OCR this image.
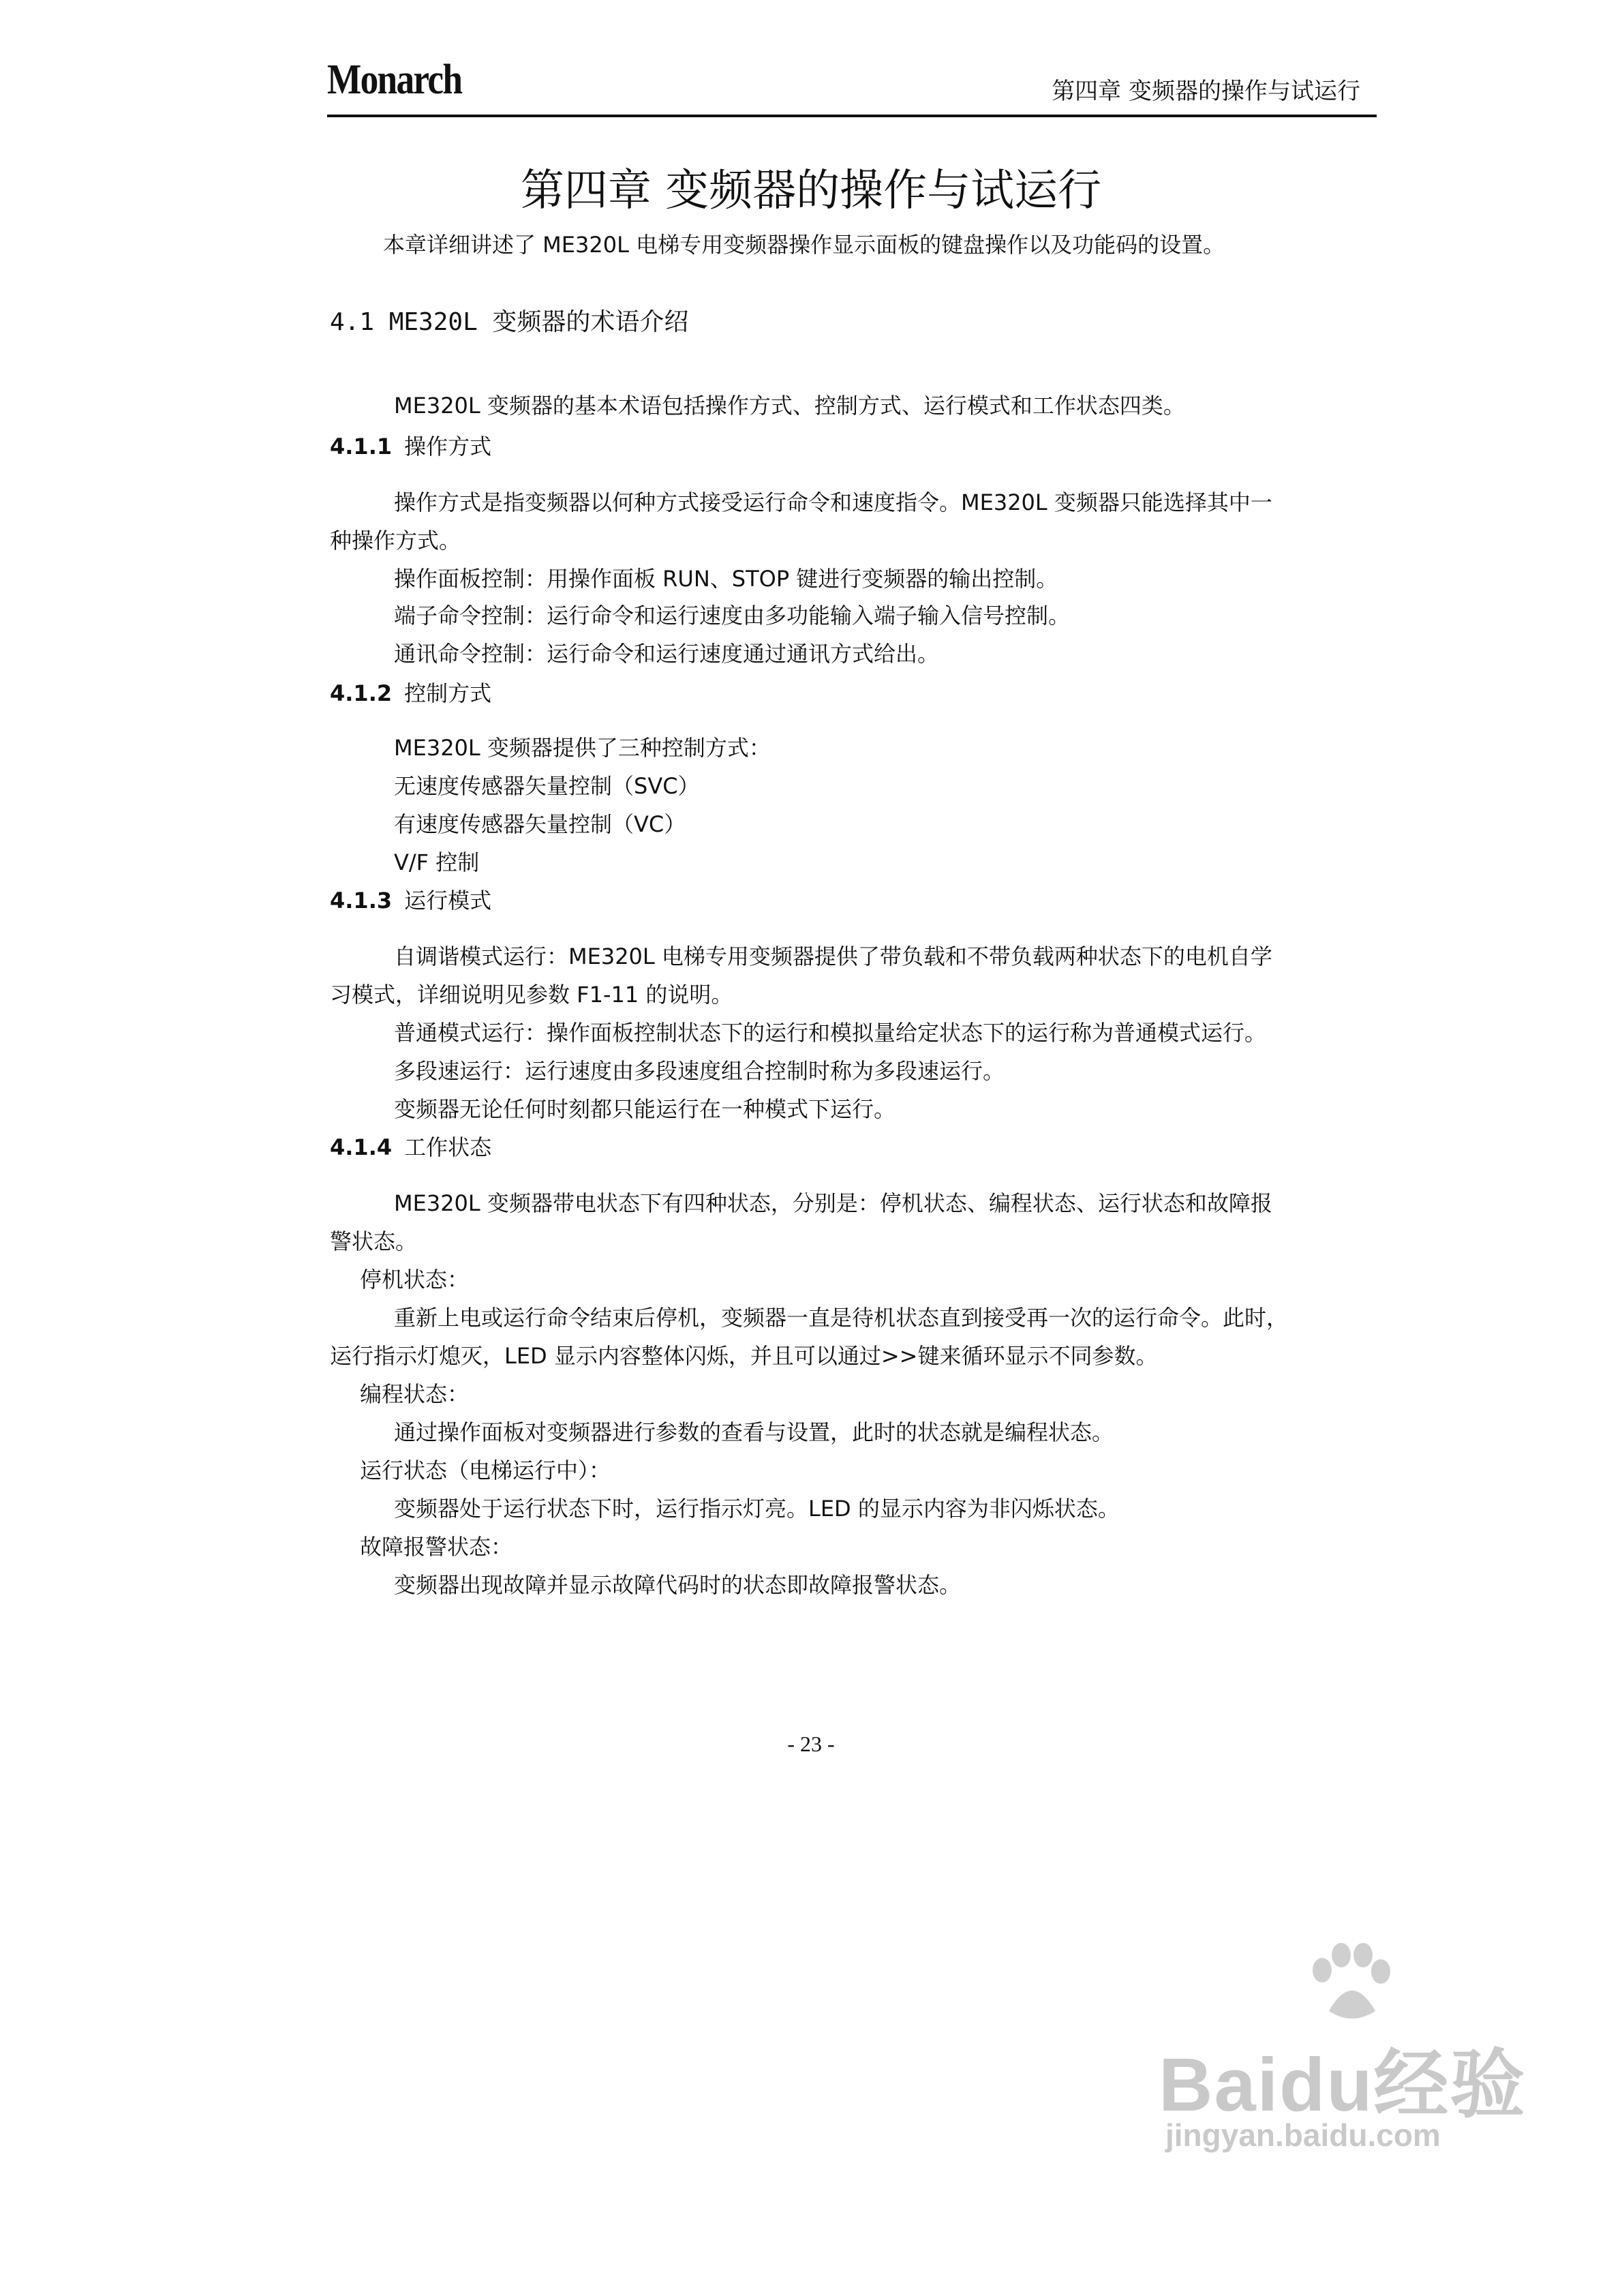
Monarch	第四章 变频器的操作与试运行
第四章 变频器的操作与试运行
本章详细讲述了 ME320L 电梯专用变频器操作显示面板的键盘操作以及功能码的设置。
4.1 ME320L 变频器的术语介绍
ME320L 变频器的基本术语包括操作方式、控制方式、运行模式和工作状态四类。
4.1.1 操作方式
操作方式是指变频器以何种方式接受运行命令和速度指令。ME320L 变频器只能选择其中一
种操作方式。
操作面板控制：用操作面板 RUN、STOP 键进行变频器的输出控制。
端子命令控制：运行命令和运行速度由多功能输入端子输入信号控制。
通讯命令控制：运行命令和运行速度通过通讯方式给出。
4.1.2 控制方式
ME320L 变频器提供了三种控制方式：
无速度传感器矢量控制（SVC）
有速度传感器矢量控制（VC）
V/F 控制
4.1.3 运行模式
自调谐模式运行：ME320L 电梯专用变频器提供了带负载和不带负载两种状态下的电机自学
习模式，详细说明见参数 F1-11 的说明。
普通模式运行：操作面板控制状态下的运行和模拟量给定状态下的运行称为普通模式运行。
多段速运行：运行速度由多段速度组合控制时称为多段速运行。
变频器无论任何时刻都只能运行在一种模式下运行。
4.1.4 工作状态
ME320L 变频器带电状态下有四种状态，分别是：停机状态、编程状态、运行状态和故障报
警状态。
停机状态：
重新上电或运行命令结束后停机，变频器一直是待机状态直到接受再一次的运行命令。此时，
运行指示灯熄灭，LED 显示内容整体闪烁，并且可以通过>>键来循环显示不同参数。
编程状态：
通过操作面板对变频器进行参数的查看与设置，此时的状态就是编程状态。
运行状态（电梯运行中）：
变频器处于运行状态下时，运行指示灯亮。LED 的显示内容为非闪烁状态。
故障报警状态：
变频器出现故障并显示故障代码时的状态即故障报警状态。
- 23 -
Baidu经验
jingyan.baidu.com
